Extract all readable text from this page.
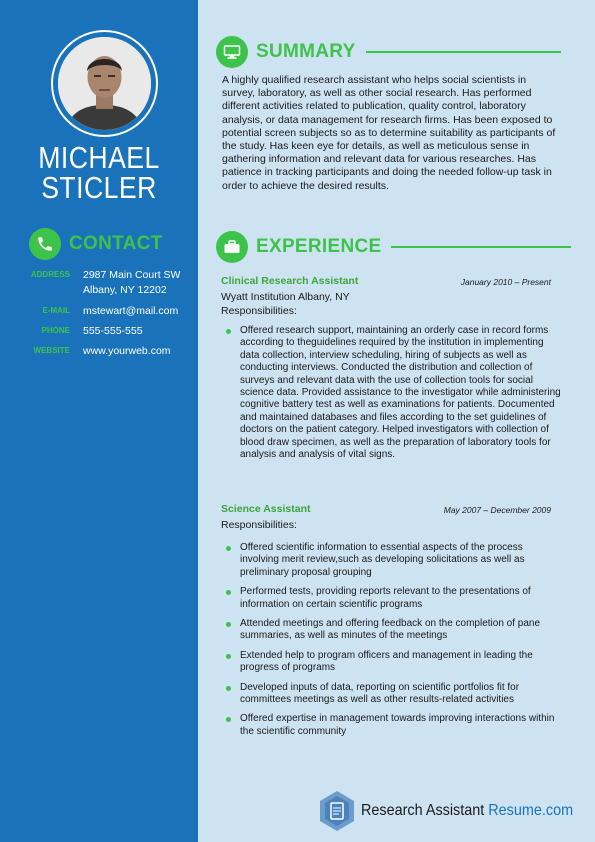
MICHAEL
STICLER
CONTACT
ADDRESS 2987 Main Court SW
Albany, NY 12202
E-MAIL mstewart@mail.com
PHONE 555-555-555
WEBSITE www.yourweb.com
SUMMARY
A highly qualified research assistant who helps social scientists in survey, laboratory, as well as other social research. Has performed different activities related to publication, quality control, laboratory analysis, or data management for research firms. Has been exposed to potential screen subjects so as to determine suitability as participants of the study. Has keen eye for details, as well as meticulous sense in gathering information and relevant data for various researches. Has patience in tracking participants and doing the needed follow-up task in order to achieve the desired results.
EXPERIENCE
Clinical Research Assistant	January 2010 – Present
Wyatt Institution Albany, NY
Responsibilities:
Offered research support, maintaining an orderly case in record forms according to theguidelines required by the institution in implementing data collection, interview scheduling, hiring of subjects as well as conducting interviews. Conducted the distribution and collection of surveys and relevant data with the use of collection tools for social science data. Provided assistance to the investigator while administering cognitive battery test as well as examinations for patients. Documented and maintained databases and files according to the set guidelines of doctors on the patient category. Helped investigators with collection of blood draw specimen, as well as the preparation of laboratory tools for analysis and analysis of vital signs.
Science Assistant	May 2007 – December 2009
Responsibilities:
Offered scientific information to essential aspects of the process involving merit review,such as developing solicitations as well as preliminary proposal grouping
Performed tests, providing reports relevant to the presentations of information on certain scientific programs
Attended meetings and offering feedback on the completion of pane summaries, as well as minutes of the meetings
Extended help to program officers and management in leading the progress of programs
Developed inputs of data, reporting on scientific portfolios fit for committees meetings as well as other results-related activities
Offered expertise in management towards improving interactions within the scientific community
Research Assistant Resume.com
